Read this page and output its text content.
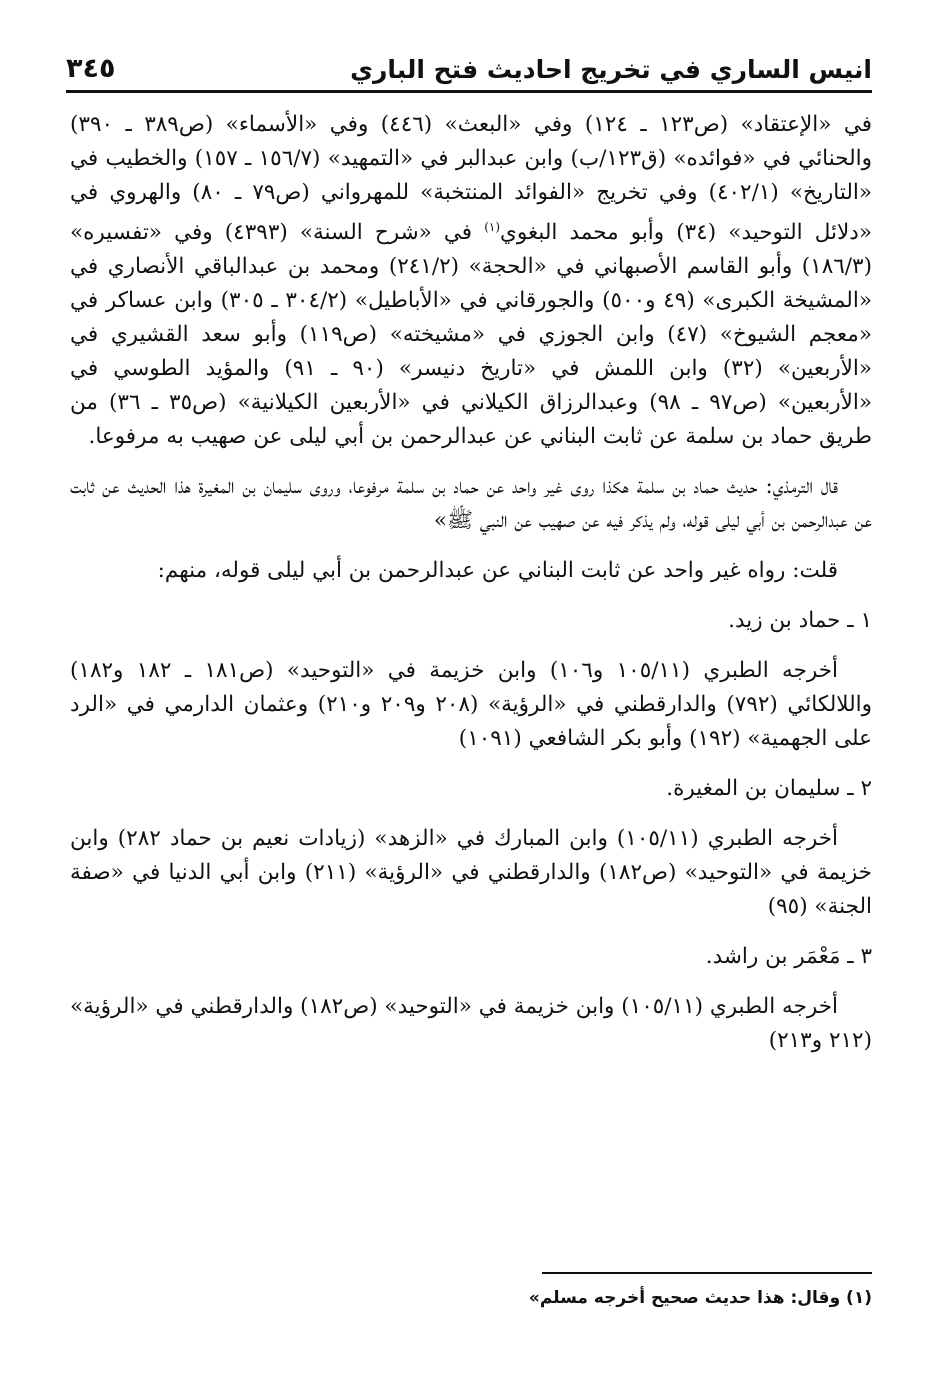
انيس الساري في تخريج احاديث فتح الباري
٣٤٥

في «الإعتقاد» (ص١٢٣ ـ ١٢٤) وفي «البعث» (٤٤٦) وفي «الأسماء» (ص٣٨٩ ـ ٣٩٠) والحنائي في «فوائده» (ق١٢٣/ب) وابن عبدالبر في «التمهيد» (١٥٦/٧ ـ ١٥٧) والخطيب في «التاريخ» (٤٠٢/١) وفي تخريج «الفوائد المنتخبة» للمهرواني (ص٧٩ ـ ٨٠) والهروي في «دلائل التوحيد» (٣٤) وأبو محمد البغوي$^{(١)}$ في «شرح السنة» (٤٣٩٣) وفي «تفسيره» (١٨٦/٣) وأبو القاسم الأصبهاني في «الحجة» (٢٤١/٢) ومحمد بن عبدالباقي الأنصاري في «المشيخة الكبرى» (٤٩ و٥٠٠) والجورقاني في «الأباطيل» (٣٠٤/٢ ـ ٣٠٥) وابن عساكر في «معجم الشيوخ» (٤٧) وابن الجوزي في «مشيخته» (ص١١٩) وأبو سعد القشيري في «الأربعين» (٣٢) وابن اللمش في «تاريخ دنيسر» (٩٠ ـ ٩١) والمؤيد الطوسي في «الأربعين» (ص٩٧ ـ ٩٨) وعبدالرزاق الكيلاني في «الأربعين الكيلانية» (ص٣٥ ـ ٣٦) من طريق حماد بن سلمة عن ثابت البناني عن عبدالرحمن بن أبي ليلى عن صهيب به مرفوعا.

قال الترمذي: حديث حماد بن سلمة هكذا روى غير واحد عن حماد بن سلمة مرفوعا، وروى سليمان بن المغيرة هذا الحديث عن ثابت عن عبدالرحمن بن أبي ليلى قوله، ولم يذكر فيه عن صهيب عن النبي ﷺ»

قلت: رواه غير واحد عن ثابت البناني عن عبدالرحمن بن أبي ليلى قوله، منهم:

١ ـ حماد بن زيد.

أخرجه الطبري (١٠٥/١١ و١٠٦) وابن خزيمة في «التوحيد» (ص١٨١ ـ ١٨٢ و١٨٢) واللالكائي (٧٩٢) والدارقطني في «الرؤية» (٢٠٨ و٢٠٩ و٢١٠) وعثمان الدارمي في «الرد على الجهمية» (١٩٢) وأبو بكر الشافعي (١٠٩١)

٢ ـ سليمان بن المغيرة.

أخرجه الطبري (١٠٥/١١) وابن المبارك في «الزهد» (زيادات نعيم بن حماد ٢٨٢) وابن خزيمة في «التوحيد» (ص١٨٢) والدارقطني في «الرؤية» (٢١١) وابن أبي الدنيا في «صفة الجنة» (٩٥)

٣ ـ مَعْمَر بن راشد.

أخرجه الطبري (١٠٥/١١) وابن خزيمة في «التوحيد» (ص١٨٢) والدارقطني في «الرؤية» (٢١٢ و٢١٣)

(١) وقال: هذا حديث صحيح أخرجه مسلم»
